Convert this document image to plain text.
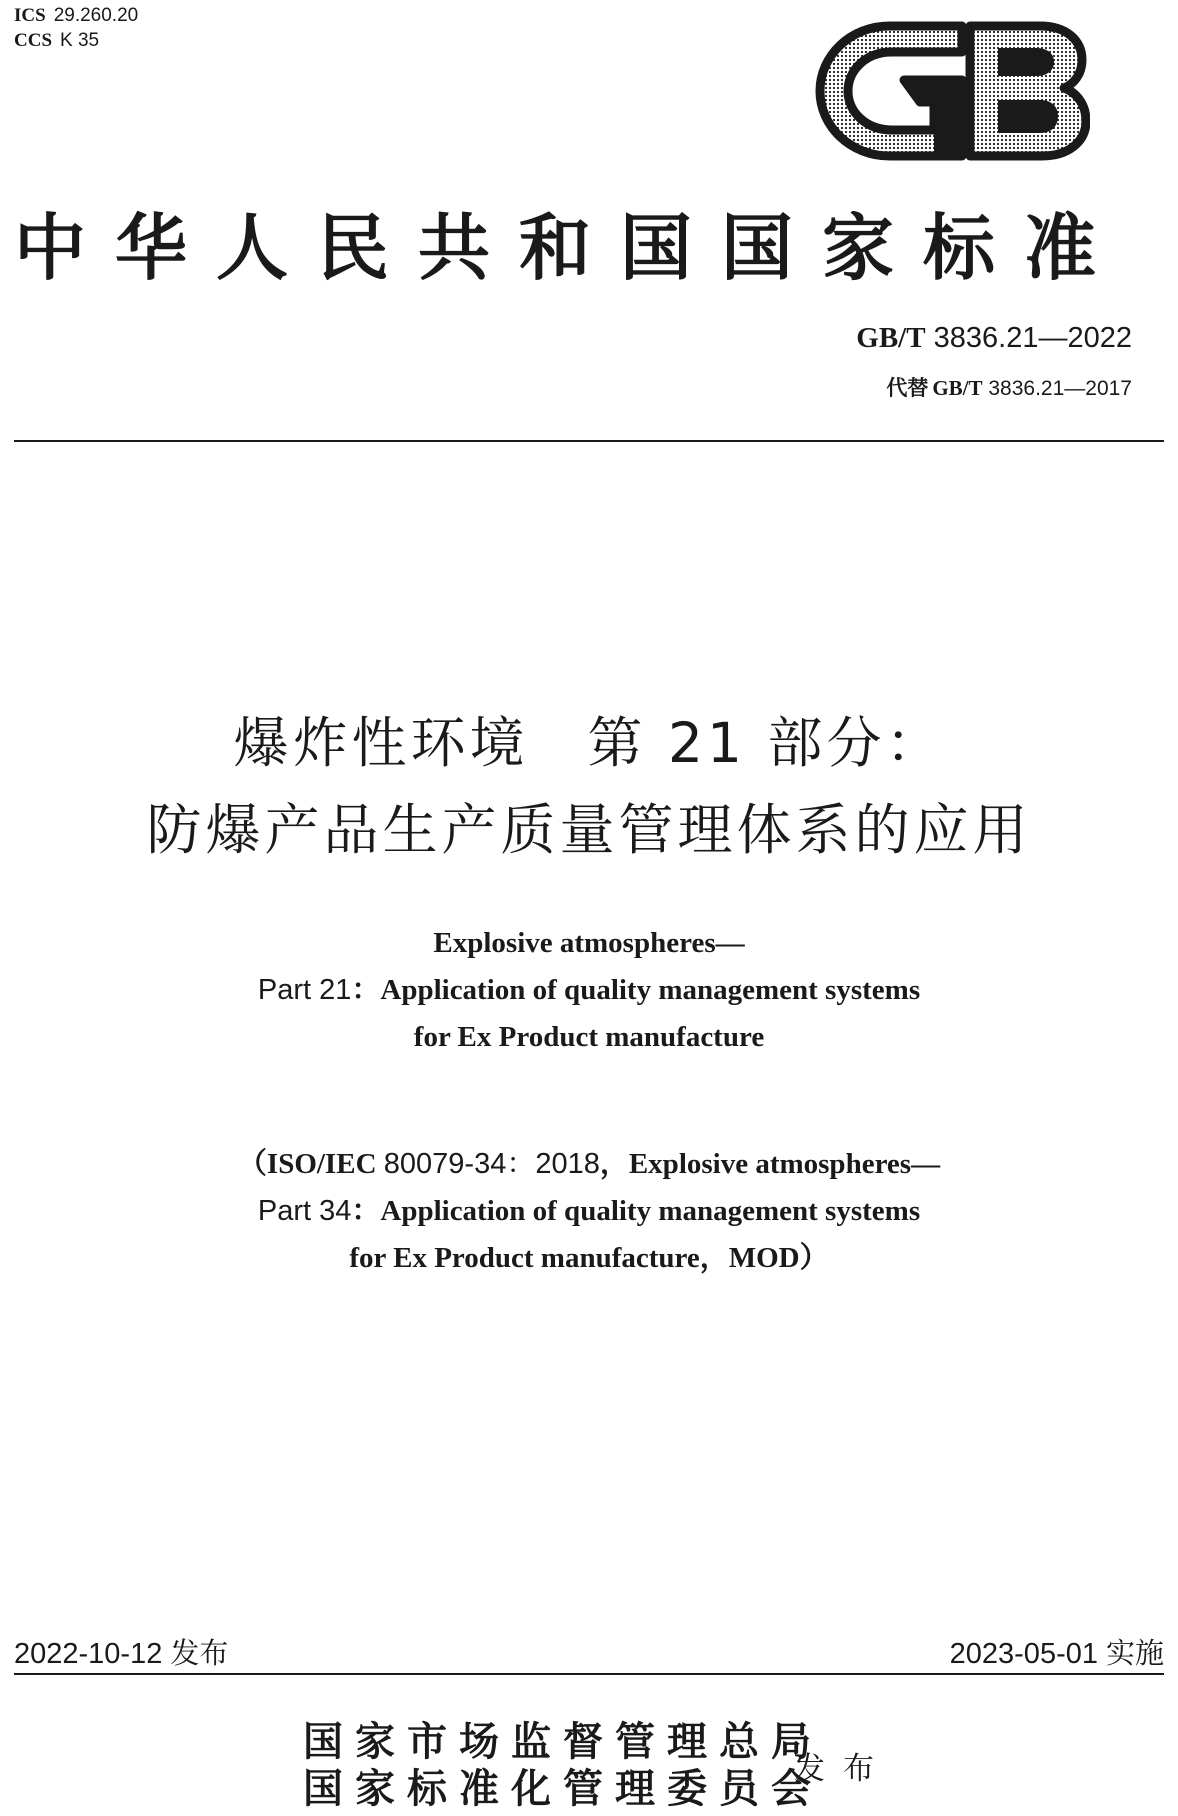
ICS 29.260.20
CCS K 35
中华人民共和国国家标准
GB/T 3836.21—2022
代替 GB/T 3836.21—2017
爆炸性环境　第 21 部分：
防爆产品生产质量管理体系的应用
Explosive atmospheres—
Part 21：Application of quality management systems
for Ex Product manufacture
（ISO/IEC 80079-34：2018，Explosive atmospheres—
Part 34：Application of quality management systems
for Ex Product manufacture，MOD）
2022-10-12 发布	2023-05-01 实施
国家市场监督管理总局
国家标准化管理委员会
发布
